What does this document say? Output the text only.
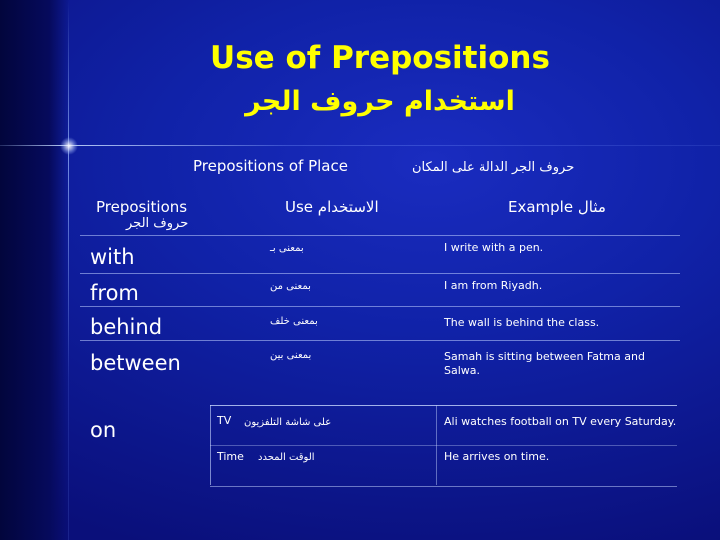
Use of Prepositions
استخدام حروف الجر
Prepositions of Place	حروف الجر الدالة على المكان
Prepositions
حروف الجر
Use الاستخدام	Example مثال
with	بمعنى بـ	I write with a pen.
from	بمعنى من	I am from Riyadh.
behind	بمعنى خلف	The wall is behind the class.
between	بمعنى بين	Samah is sitting between Fatma and Salwa.
on	TV على شاشة التلفزيون	Ali watches football on TV every Saturday.
Time الوقت المحدد	He arrives on time.
